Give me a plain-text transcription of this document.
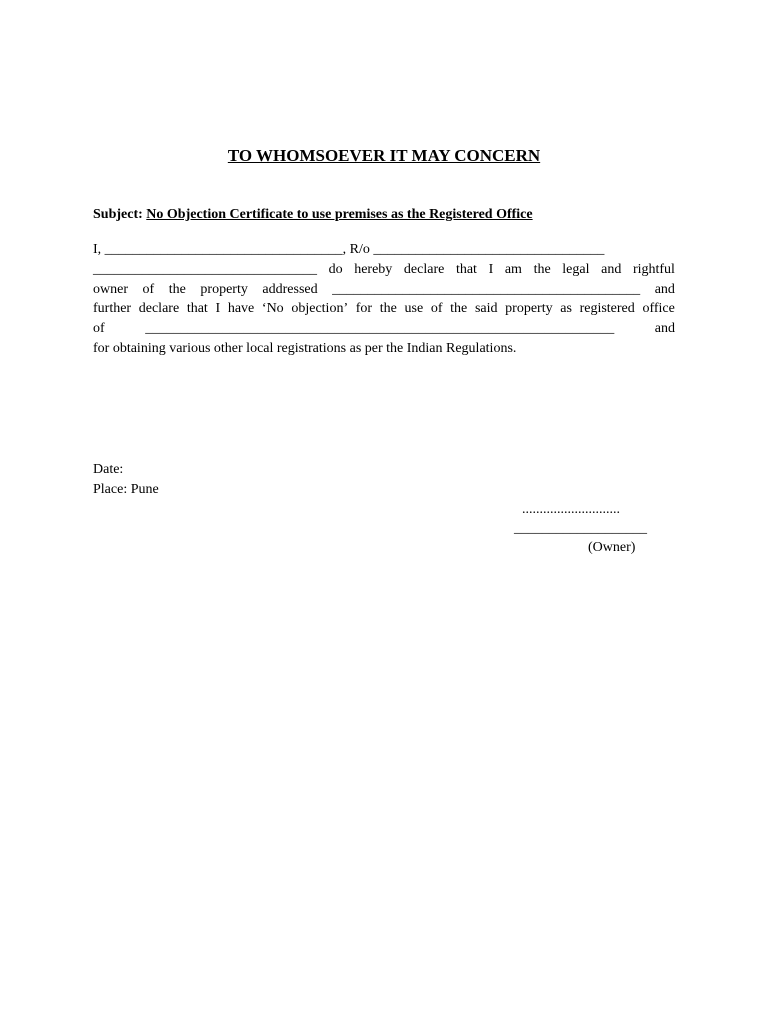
TO WHOMSOEVER IT MAY CONCERN
Subject: No Objection Certificate to use premises as the Registered Office
I, __________________________________, R/o _________________________________
________________________________ do hereby declare that I am the legal and rightful
owner of the property addressed ____________________________________________ and
further declare that I have ‘No objection’ for the use of the said property as registered office
of	___________________________________________________________________	and
for obtaining various other local registrations as per the Indian Regulations.
Date:
Place: Pune
............................
___________________
(Owner)
